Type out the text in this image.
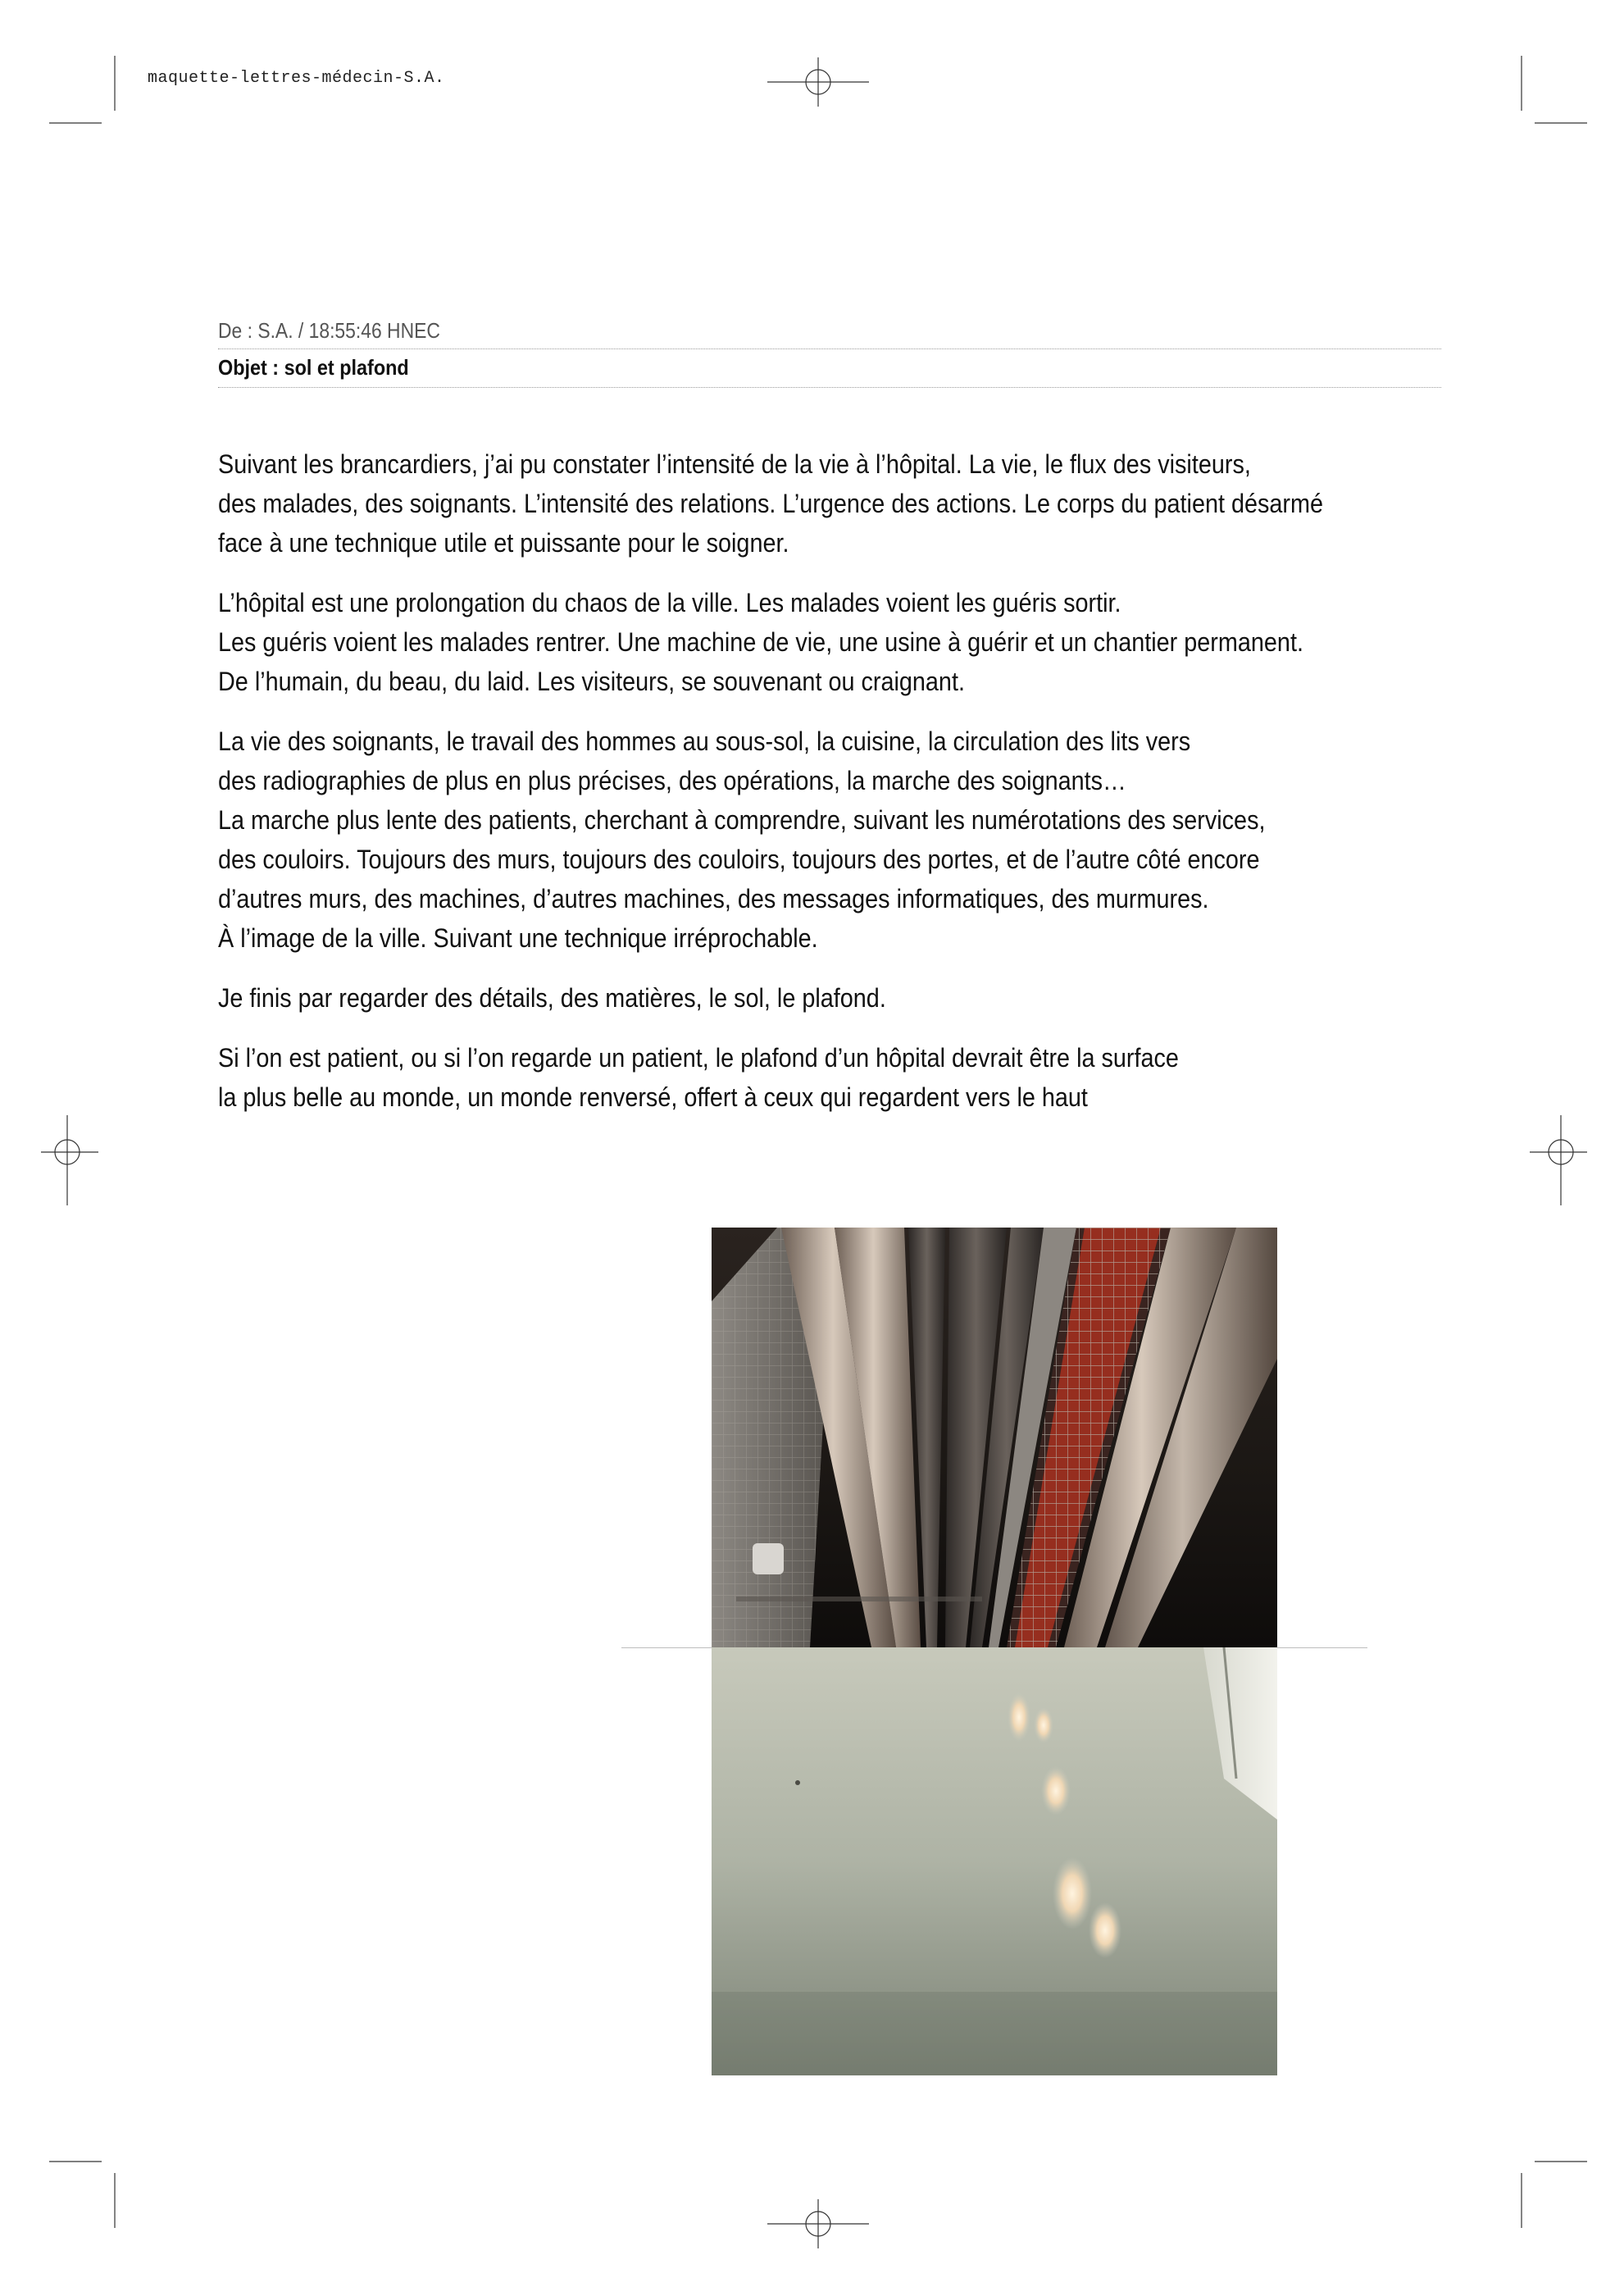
maquette-lettres-médecin-S.A.
De : S.A. / 18:55:46 HNEC
Objet : sol et plafond

Suivant les brancardiers, j’ai pu constater l’intensité de la vie à l’hôpital. La vie, le flux des visiteurs,
des malades, des soignants. L’intensité des relations. L’urgence des actions. Le corps du patient désarmé
face à une technique utile et puissante pour le soigner.

L’hôpital est une prolongation du chaos de la ville. Les malades voient les guéris sortir.
Les guéris voient les malades rentrer. Une machine de vie, une usine à guérir et un chantier permanent.
De l’humain, du beau, du laid. Les visiteurs, se souvenant ou craignant.

La vie des soignants, le travail des hommes au sous-sol, la cuisine, la circulation des lits vers
des radiographies de plus en plus précises, des opérations, la marche des soignants…
La marche plus lente des patients, cherchant à comprendre, suivant les numérotations des services,
des couloirs. Toujours des murs, toujours des couloirs, toujours des portes, et de l’autre côté encore
d’autres murs, des machines, d’autres machines, des messages informatiques, des murmures.
À l’image de la ville. Suivant une technique irréprochable.

Je finis par regarder des détails, des matières, le sol, le plafond.

Si l’on est patient, ou si l’on regarde un patient, le plafond d’un hôpital devrait être la surface
la plus belle au monde, un monde renversé, offert à ceux qui regardent vers le haut
